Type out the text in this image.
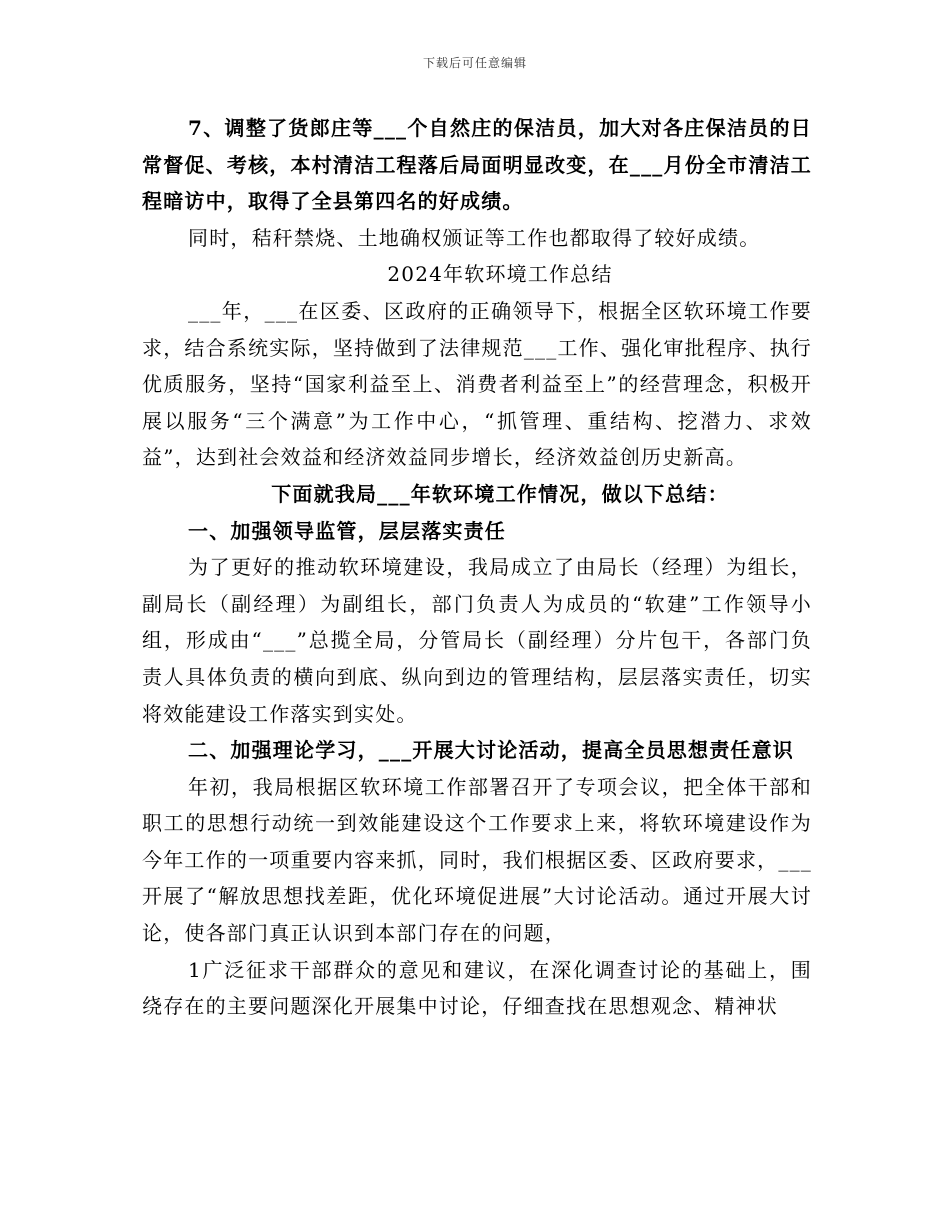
下载后可任意编辑

7、调整了货郎庄等___个自然庄的保洁员，加大对各庄保洁员的日常督促、考核，本村清洁工程落后局面明显改变，在___月份全市清洁工程暗访中，取得了全县第四名的好成绩。

同时，秸秆禁烧、土地确权颁证等工作也都取得了较好成绩。

2024年软环境工作总结

___年，___在区委、区政府的正确领导下，根据全区软环境工作要求，结合系统实际，坚持做到了法律规范___工作、强化审批程序、执行优质服务，坚持“国家利益至上、消费者利益至上”的经营理念，积极开展以服务“三个满意”为工作中心，“抓管理、重结构、挖潜力、求效益”，达到社会效益和经济效益同步增长，经济效益创历史新高。

下面就我局___年软环境工作情况，做以下总结：

一、加强领导监管，层层落实责任

为了更好的推动软环境建设，我局成立了由局长（经理）为组长，副局长（副经理）为副组长，部门负责人为成员的“软建”工作领导小组，形成由“___”总揽全局，分管局长（副经理）分片包干，各部门负责人具体负责的横向到底、纵向到边的管理结构，层层落实责任，切实将效能建设工作落实到实处。

二、加强理论学习，___开展大讨论活动，提高全员思想责任意识

年初，我局根据区软环境工作部署召开了专项会议，把全体干部和职工的思想行动统一到效能建设这个工作要求上来，将软环境建设作为今年工作的一项重要内容来抓，同时，我们根据区委、区政府要求，___开展了“解放思想找差距，优化环境促进展”大讨论活动。通过开展大讨论，使各部门真正认识到本部门存在的问题，

1广泛征求干部群众的意见和建议，在深化调查讨论的基础上，围绕存在的主要问题深化开展集中讨论，仔细查找在思想观念、精神状
